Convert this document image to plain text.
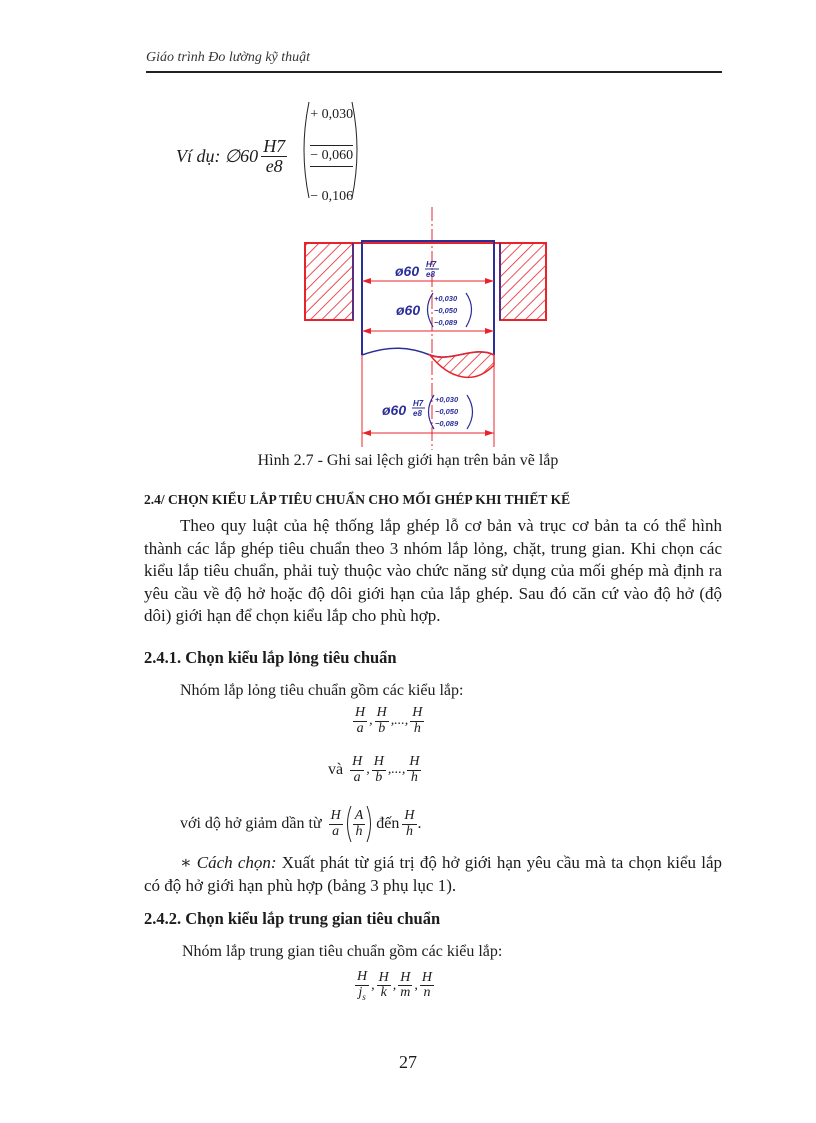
Giáo trình Đo lường kỹ thuật
Ví dụ: ∅60 $\frac{H7}{e8}$
+ 0,030
− 0,060
− 0,106
ø60 H7
e8
ø60
+0,030
−0,050
−0,089
ø60 H7
e8
+0,030
−0,050
−0,089
Hình 2.7 - Ghi sai lệch giới hạn trên bản vẽ lắp
2.4/ CHỌN KIỂU LẮP TIÊU CHUẨN CHO MỐI GHÉP KHI THIẾT KẾ
Theo quy luật của hệ thống lắp ghép lỗ cơ bản và trục cơ bản ta có thể hình thành các lắp ghép tiêu chuẩn theo 3 nhóm lắp lỏng, chặt, trung gian. Khi chọn các kiểu lắp tiêu chuẩn, phải tuỳ thuộc vào chức năng sử dụng của mối ghép mà định ra yêu cầu về độ hở hoặc độ dôi giới hạn của lắp ghép. Sau đó căn cứ vào độ hở (độ dôi) giới hạn để chọn kiểu lắp cho phù hợp.
2.4.1. Chọn kiểu lắp lỏng tiêu chuẩn
Nhóm lắp lỏng tiêu chuẩn gồm các kiểu lắp:
$\frac{H}{a}$ , $\frac{H}{b}$ ,..., $\frac{H}{h}$
và $\frac{H}{a}$ , $\frac{H}{b}$ ,..., $\frac{H}{h}$
với dộ hở giảm dần từ $\frac{H}{a} \frac{A}{h}$ đến $\frac{H}{h}$ .
∗ Cách chọn: Xuất phát từ giá trị độ hở giới hạn yêu cầu mà ta chọn kiểu lắp có độ hở giới hạn phù hợp (bảng 3 phụ lục 1).
2.4.2. Chọn kiểu lắp trung gian tiêu chuẩn
Nhóm lắp trung gian tiêu chuẩn gồm các kiểu lắp:
$\frac{H}{j_s}$ , $\frac{H}{k}$ , $\frac{H}{m}$ , $\frac{H}{n}$
27
